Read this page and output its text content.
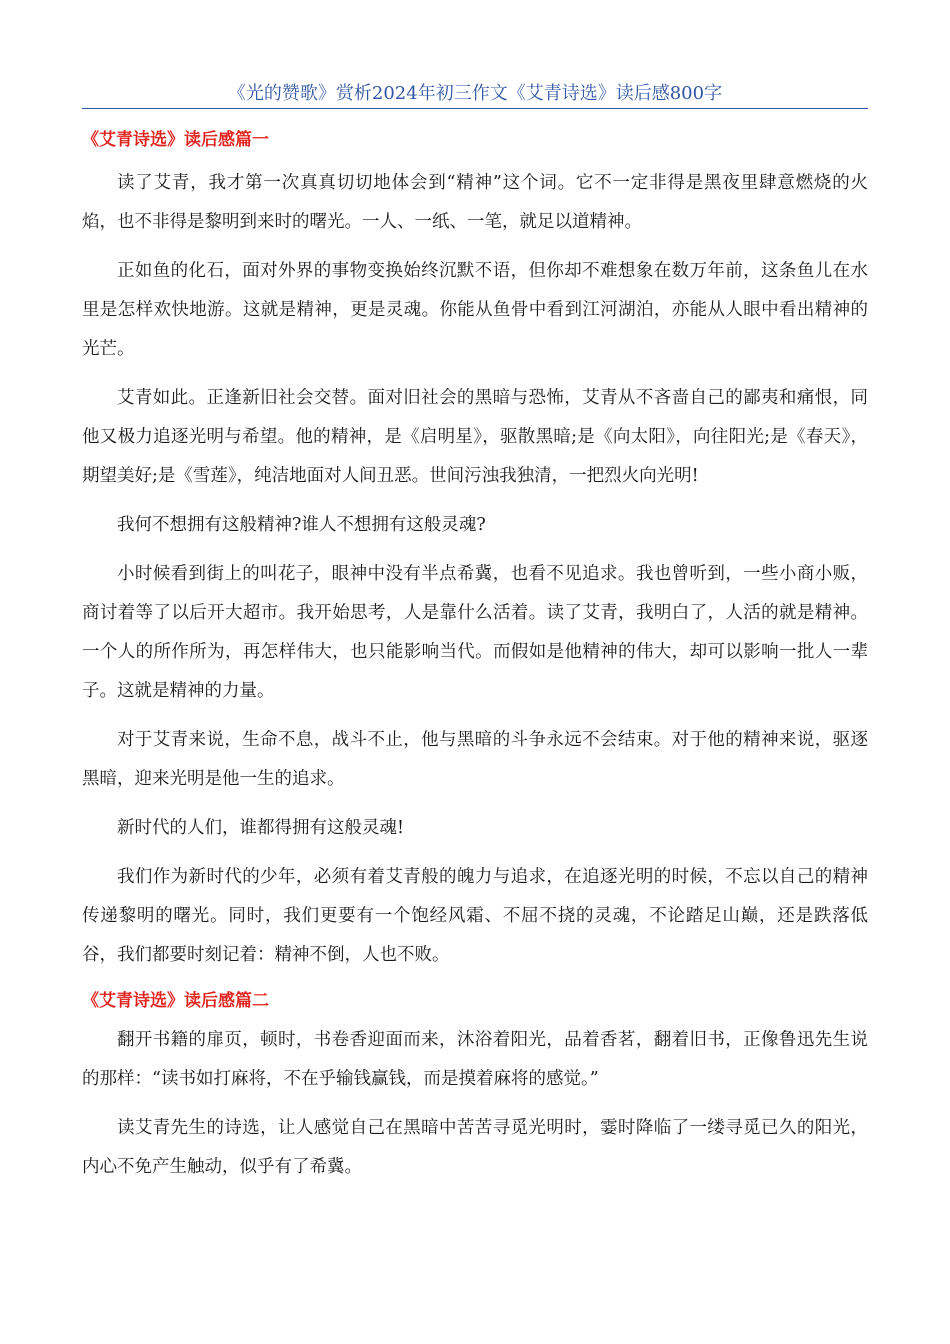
《光的赞歌》赏析2024年初三作文《艾青诗选》读后感800字
《艾青诗选》读后感篇一

读了艾青，我才第一次真真切切地体会到“精神”这个词。它不一定非得是黑夜里肆意燃烧的火焰，也不非得是黎明到来时的曙光。一人、一纸、一笔，就足以道精神。

正如鱼的化石，面对外界的事物变换始终沉默不语，但你却不难想象在数万年前，这条鱼儿在水里是怎样欢快地游。这就是精神，更是灵魂。你能从鱼骨中看到江河湖泊，亦能从人眼中看出精神的光芒。

艾青如此。正逢新旧社会交替。面对旧社会的黑暗与恐怖，艾青从不吝啬自己的鄙夷和痛恨，同他又极力追逐光明与希望。他的精神，是《启明星》，驱散黑暗;是《向太阳》，向往阳光;是《春天》，期望美好;是《雪莲》，纯洁地面对人间丑恶。世间污浊我独清，一把烈火向光明!

我何不想拥有这般精神?谁人不想拥有这般灵魂?

小时候看到街上的叫花子，眼神中没有半点希冀，也看不见追求。我也曾听到，一些小商小贩，商讨着等了以后开大超市。我开始思考，人是靠什么活着。读了艾青，我明白了，人活的就是精神。一个人的所作所为，再怎样伟大，也只能影响当代。而假如是他精神的伟大，却可以影响一批人一辈子。这就是精神的力量。

对于艾青来说，生命不息，战斗不止，他与黑暗的斗争永远不会结束。对于他的精神来说，驱逐黑暗，迎来光明是他一生的追求。

新时代的人们，谁都得拥有这般灵魂!

我们作为新时代的少年，必须有着艾青般的魄力与追求，在追逐光明的时候，不忘以自己的精神传递黎明的曙光。同时，我们更要有一个饱经风霜、不屈不挠的灵魂，不论踏足山巅，还是跌落低谷，我们都要时刻记着：精神不倒，人也不败。

《艾青诗选》读后感篇二

翻开书籍的扉页，顿时，书卷香迎面而来，沐浴着阳光，品着香茗，翻着旧书，正像鲁迅先生说的那样：“读书如打麻将，不在乎输钱赢钱，而是摸着麻将的感觉。”

读艾青先生的诗选，让人感觉自己在黑暗中苦苦寻觅光明时，霎时降临了一缕寻觅已久的阳光，内心不免产生触动，似乎有了希冀。
